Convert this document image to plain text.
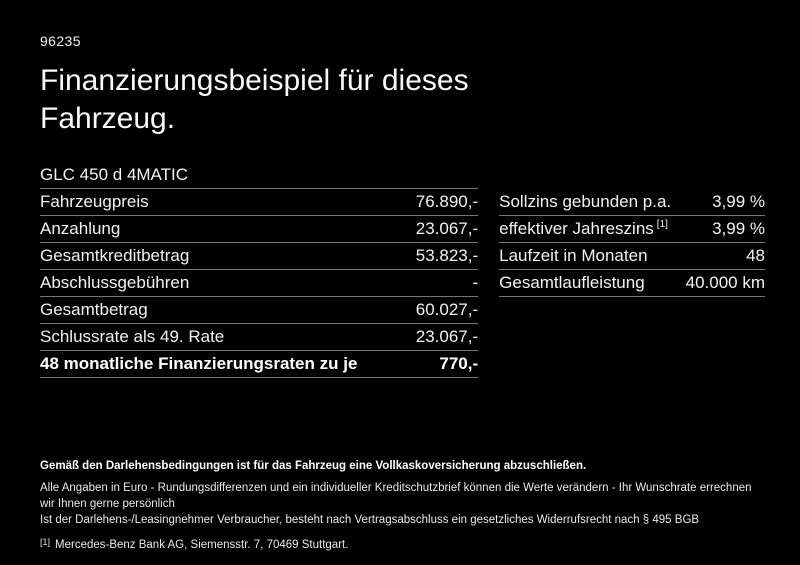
96235
Finanzierungsbeispiel für dieses Fahrzeug.
GLC 450 d 4MATIC
Fahrzeugpreis	76.890,-
Anzahlung	23.067,-
Gesamtkreditbetrag	53.823,-
Abschlussgebühren	-
Gesamtbetrag	60.027,-
Schlussrate als 49. Rate	23.067,-
48 monatliche Finanzierungsraten zu je	770,-
Sollzins gebunden p.a. 3,99 %
effektiver Jahreszins [1]	3,99 %
Laufzeit in Monaten	48
Gesamtlaufleistung 40.000 km
Gemäß den Darlehensbedingungen ist für das Fahrzeug eine Vollkaskoversicherung abzuschließen.
Alle Angaben in Euro - Rundungsdifferenzen und ein individueller Kreditschutzbrief können die Werte verändern - Ihr Wunschrate errechnen wir Ihnen gerne persönlich
Ist der Darlehens-/Leasingnehmer Verbraucher, besteht nach Vertragsabschluss ein gesetzliches Widerrufsrecht nach § 495 BGB
[1] Mercedes-Benz Bank AG, Siemensstr. 7, 70469 Stuttgart.
